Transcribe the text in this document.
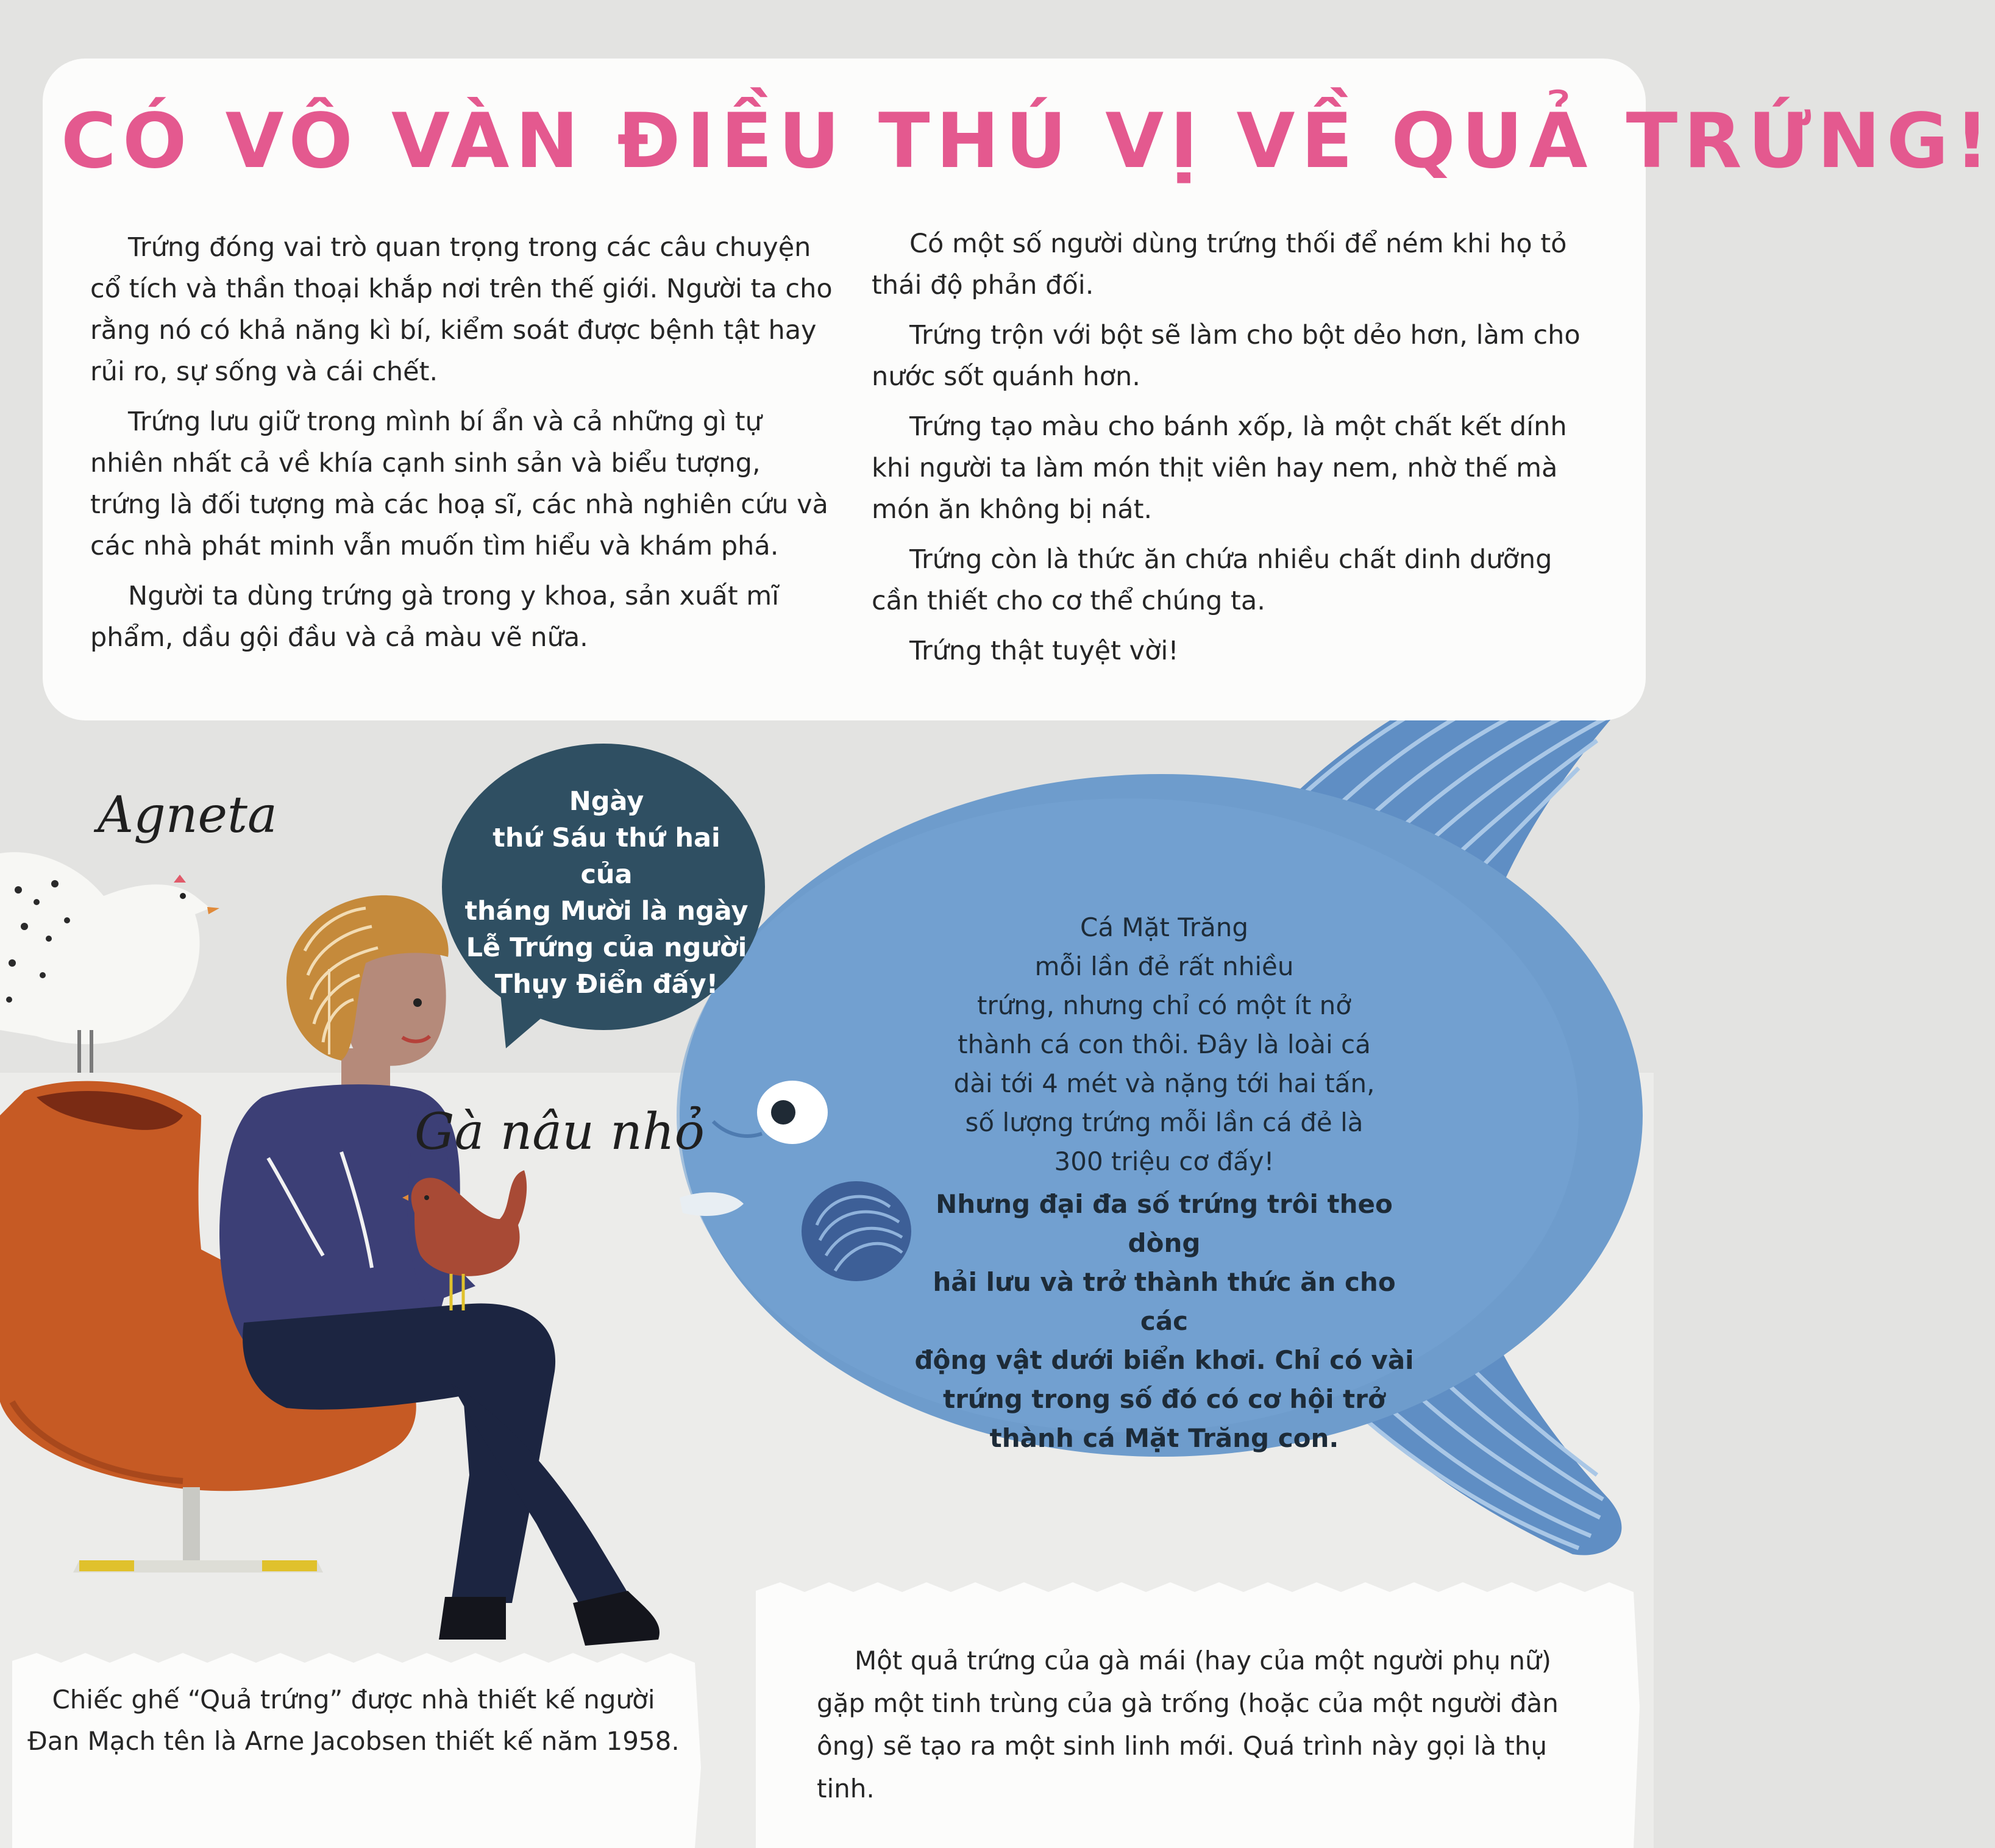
CÓ VÔ VÀN ĐIỀU THÚ VỊ VỀ QUẢ TRỨNG!

Trứng đóng vai trò quan trọng trong các câu chuyện cổ tích và thần thoại khắp nơi trên thế giới. Người ta cho rằng nó có khả năng kì bí, kiểm soát được bệnh tật hay rủi ro, sự sống và cái chết.

Trứng lưu giữ trong mình bí ẩn và cả những gì tự nhiên nhất cả về khía cạnh sinh sản và biểu tượng, trứng là đối tượng mà các hoạ sĩ, các nhà nghiên cứu và các nhà phát minh vẫn muốn tìm hiểu và khám phá.

Người ta dùng trứng gà trong y khoa, sản xuất mĩ phẩm, dầu gội đầu và cả màu vẽ nữa.

Có một số người dùng trứng thối để ném khi họ tỏ thái độ phản đối.

Trứng trộn với bột sẽ làm cho bột dẻo hơn, làm cho nước sốt quánh hơn.

Trứng tạo màu cho bánh xốp, là một chất kết dính khi người ta làm món thịt viên hay nem, nhờ thế mà món ăn không bị nát.

Trứng còn là thức ăn chứa nhiều chất dinh dưỡng cần thiết cho cơ thể chúng ta.

Trứng thật tuyệt vời!

Agneta
Gà nâu nhỏ
Ngày
thứ Sáu thứ hai của
tháng Mười là ngày
Lễ Trứng của người
Thụy Điển đấy!

Cá Mặt Trăng
mỗi lần đẻ rất nhiều
trứng, nhưng chỉ có một ít nở
thành cá con thôi. Đây là loài cá
dài tới 4 mét và nặng tới hai tấn,
số lượng trứng mỗi lần cá đẻ là
300 triệu cơ đấy!

Nhưng đại đa số trứng trôi theo dòng
hải lưu và trở thành thức ăn cho các
động vật dưới biển khơi. Chỉ có vài
trứng trong số đó có cơ hội trở
thành cá Mặt Trăng con.

Chiếc ghế “Quả trứng” được nhà thiết kế người
Đan Mạch tên là Arne Jacobsen thiết kế năm 1958.

Một quả trứng của gà mái (hay của một người phụ nữ) gặp một tinh trùng của gà trống (hoặc của một người đàn ông) sẽ tạo ra một sinh linh mới. Quá trình này gọi là thụ tinh.
